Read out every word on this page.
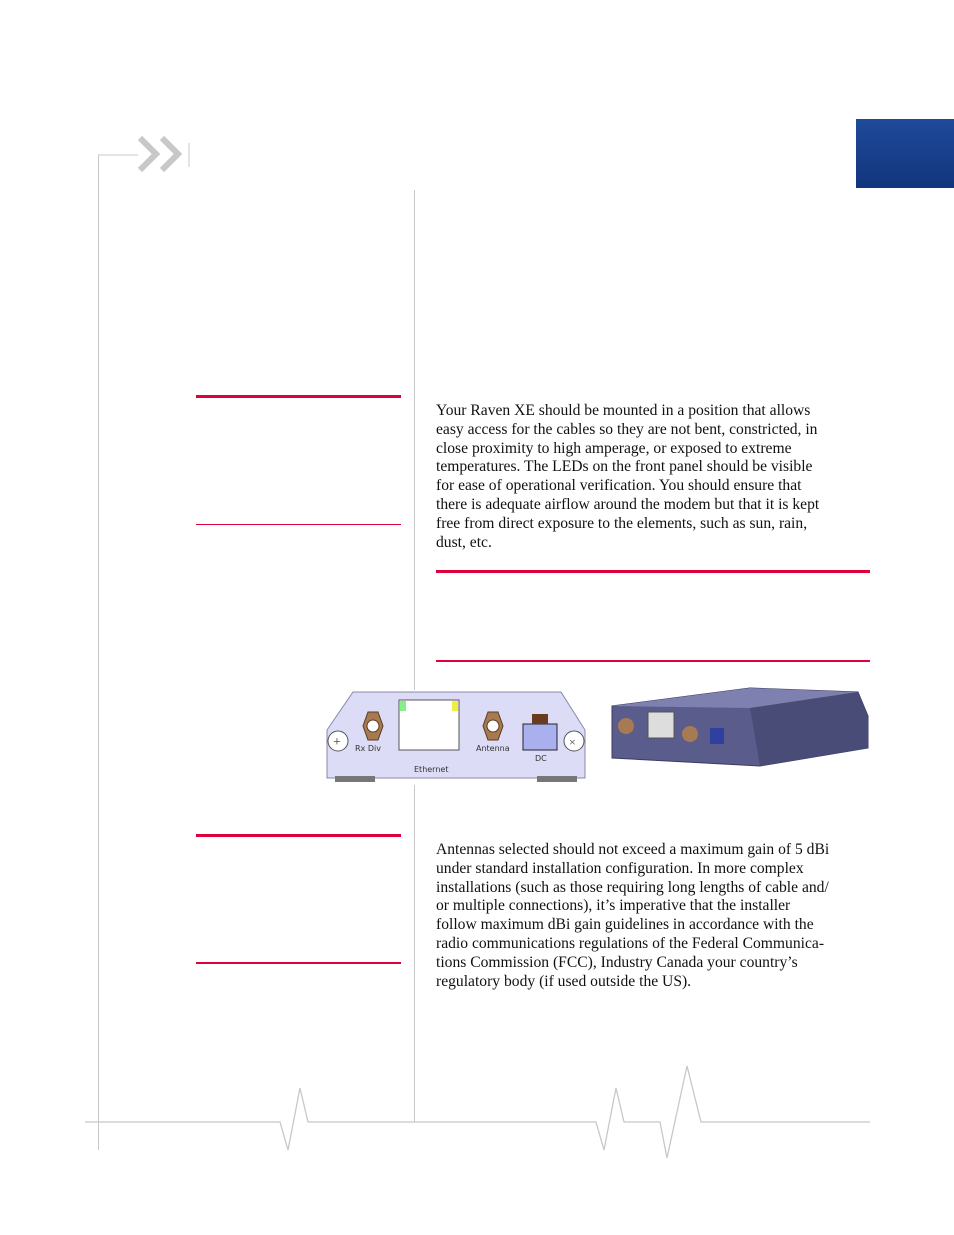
Your Raven XE should be mounted in a position that allows
easy access for the cables so they are not bent, constricted, in
close proximity to high amperage, or exposed to extreme
temperatures. The LEDs on the front panel should be visible
for ease of operational verification. You should ensure that
there is adequate airflow around the modem but that it is kept
free from direct exposure to the elements, such as sun, rain,
dust, etc.
+	×
Rx Div
Ethernet
Antenna
DC
Antennas selected should not exceed a maximum gain of 5 dBi
under standard installation configuration. In more complex
installations (such as those requiring long lengths of cable and/
or multiple connections), it’s imperative that the installer
follow maximum dBi gain guidelines in accordance with the
radio communications regulations of the Federal Communica-
tions Commission (FCC), Industry Canada your country’s
regulatory body (if used outside the US).
